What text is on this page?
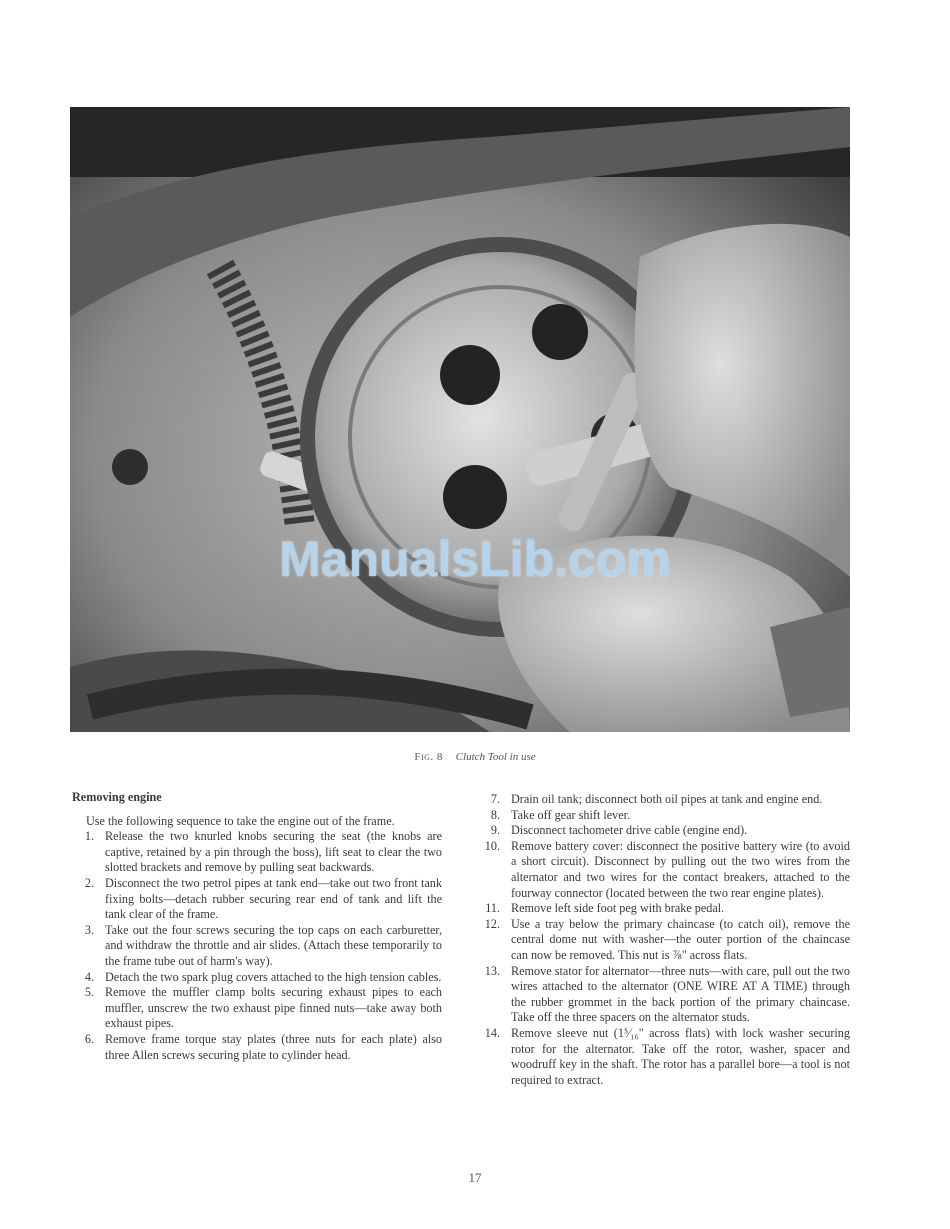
ManualsLib.com
Fig. 8 Clutch Tool in use
Removing engine

Use the following sequence to take the engine out of the frame.

1. Release the two knurled knobs securing the seat (the knobs are captive, retained by a pin through the boss), lift seat to clear the two slotted brackets and remove by pulling seat backwards.
2. Disconnect the two petrol pipes at tank end—take out two front tank fixing bolts—detach rubber securing rear end of tank and lift the tank clear of the frame.
3. Take out the four screws securing the top caps on each carburetter, and withdraw the throttle and air slides. (Attach these temporarily to the frame tube out of harm's way).
4. Detach the two spark plug covers attached to the high tension cables.
5. Remove the muffler clamp bolts securing exhaust pipes to each muffler, unscrew the two exhaust pipe finned nuts—take away both exhaust pipes.
6. Remove frame torque stay plates (three nuts for each plate) also three Allen screws securing plate to cylinder head.
7. Drain oil tank; disconnect both oil pipes at tank and engine end.
8. Take off gear shift lever.
9. Disconnect tachometer drive cable (engine end).
10. Remove battery cover: disconnect the positive battery wire (to avoid a short circuit). Disconnect by pulling out the two wires from the alternator and two wires for the contact breakers, attached to the fourway connector (located between the two rear engine plates).
11. Remove left side foot peg with brake pedal.
12. Use a tray below the primary chaincase (to catch oil), remove the central dome nut with washer—the outer portion of the chaincase can now be removed. This nut is ⅞" across flats.
13. Remove stator for alternator—three nuts—with care, pull out the two wires attached to the alternator (ONE WIRE AT A TIME) through the rubber grommet in the back portion of the primary chaincase. Take off the three spacers on the alternator studs.
14. Remove sleeve nut (1⁵⁄₁₆" across flats) with lock washer securing rotor for the alternator. Take off the rotor, washer, spacer and woodruff key in the shaft. The rotor has a parallel bore—a tool is not required to extract.
17
